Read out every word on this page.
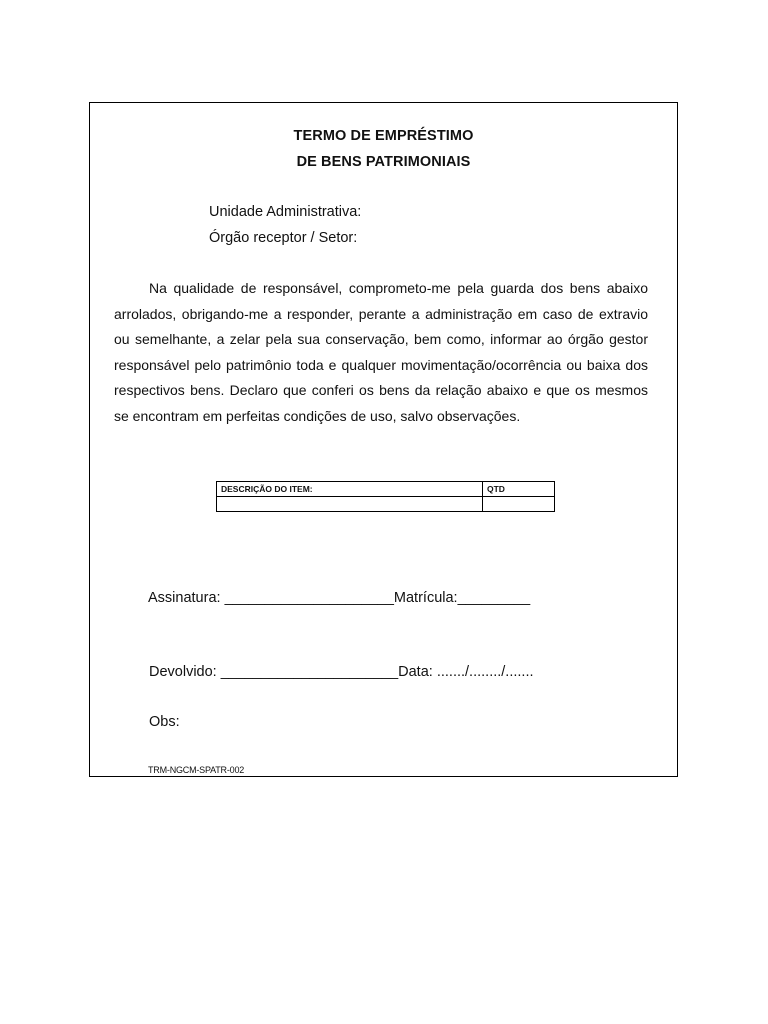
TERMO DE EMPRÉSTIMO
DE BENS PATRIMONIAIS
Unidade Administrativa:
Órgão receptor / Setor:

Na qualidade de responsável, comprometo-me pela guarda dos bens abaixo arrolados, obrigando-me a responder, perante a administração em caso de extravio ou semelhante, a zelar pela sua conservação, bem como, informar ao órgão gestor responsável pelo patrimônio toda e qualquer movimentação/ocorrência ou baixa dos respectivos bens. Declaro que conferi os bens da relação abaixo e que os mesmos se encontram em perfeitas condições de uso, salvo observações.

DESCRIÇÃO DO ITEM:	QTD

Assinatura: _____________________Matrícula:_________
Devolvido: ______________________Data: ......./......../.......
Obs:
TRM-NGCM-SPATR-002
